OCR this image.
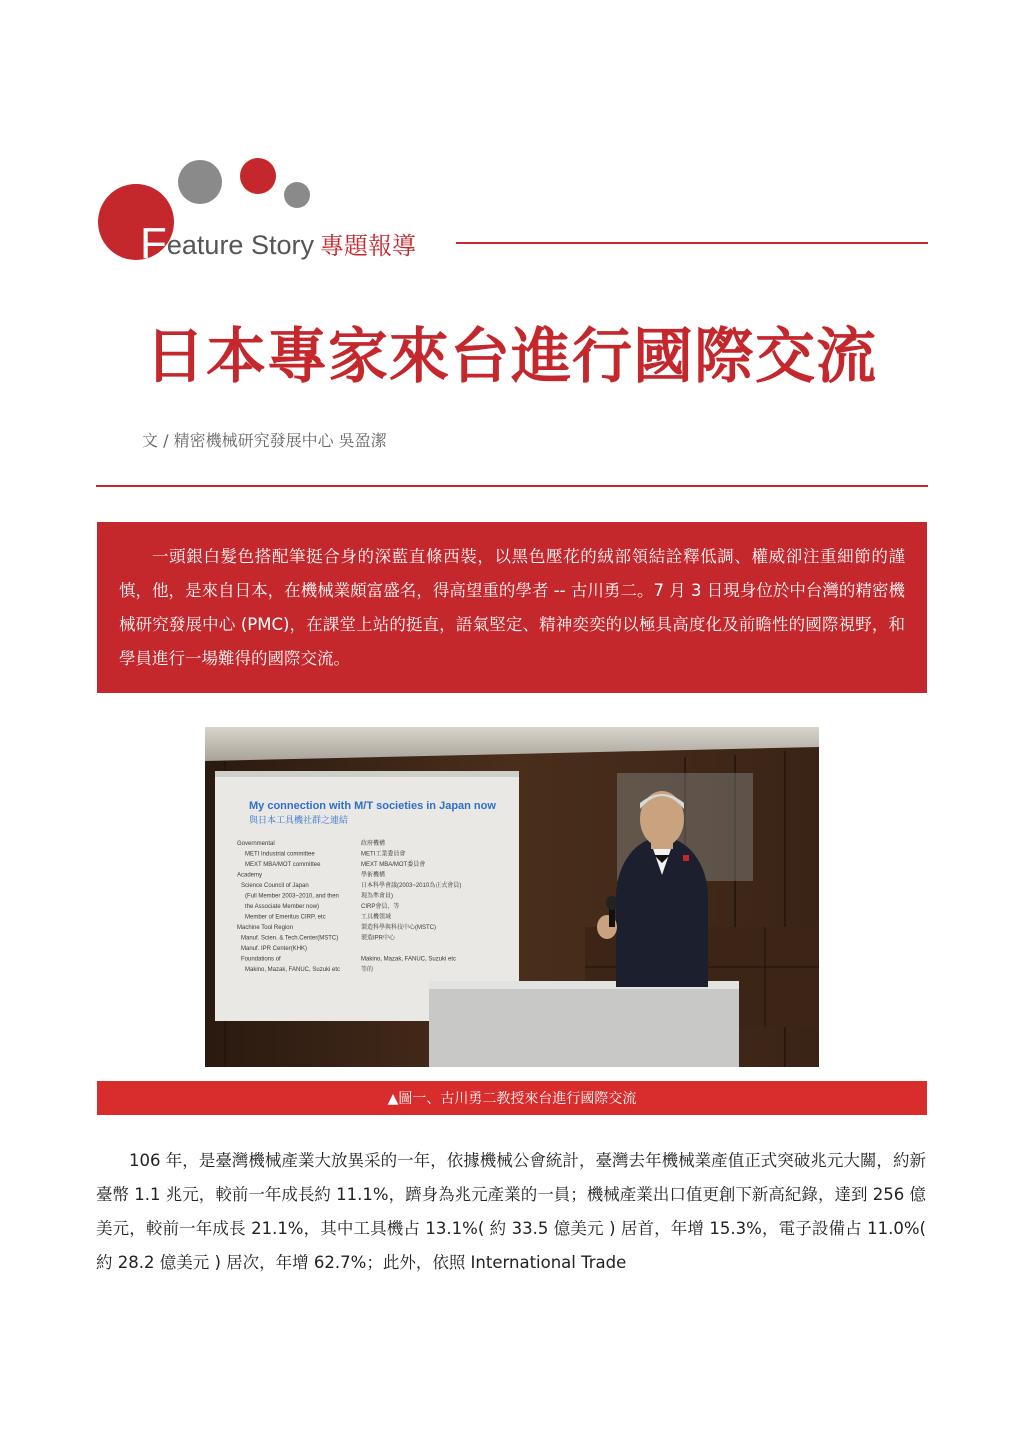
Feature Story 專題報導
日本專家來台進行國際交流
文 / 精密機械研究發展中心 吳盈潔

一頭銀白髮色搭配筆挺合身的深藍直條西裝，以黑色壓花的絨部領結詮釋低調、權威卻注重細節的謹慎，他，是來自日本，在機械業頗富盛名，得高望重的學者 -- 古川勇二。7 月 3 日現身位於中台灣的精密機械研究發展中心 (PMC)，在課堂上站的挺直，語氣堅定、精神奕奕的以極具高度化及前瞻性的國際視野，和學員進行一場難得的國際交流。

My connection with M/T societies in Japan now
與日本工具機社群之連結
Governmental
METI Industrial committee
MEXT MBA/MOT committee
Academy
Science Council of Japan
(Full Member 2003~2010, and then
the Associate Member now)
Member of Emeritus CIRP, etc
Machine Tool Region
Manuf. Scien. & Tech.Center(MSTC)
Manuf. IPR Center(KHK)
Foundations of
Makino, Mazak, FANUC, Suzuki etc
政府機構
METI工業委員會
MEXT MBA/MOT委員會
學術機構
日本科學會議(2003~2010為正式會員)
現為準會員)
CIRP會員，等
工具機領域
製造科學與科技中心(MSTC)
製造IPR中心
Makino, Mazak, FANUC, Suzuki etc
等的
▲圖一、古川勇二教授來台進行國際交流

106 年，是臺灣機械產業大放異采的一年，依據機械公會統計，臺灣去年機械業產值正式突破兆元大關，約新臺幣 1.1 兆元，較前一年成長約 11.1%，躋身為兆元產業的一員；機械產業出口值更創下新高紀錄，達到 256 億美元，較前一年成長 21.1%，其中工具機占 13.1%( 約 33.5 億美元 ) 居首，年增 15.3%，電子設備占 11.0%( 約 28.2 億美元 ) 居次，年增 62.7%；此外，依照 International Trade
